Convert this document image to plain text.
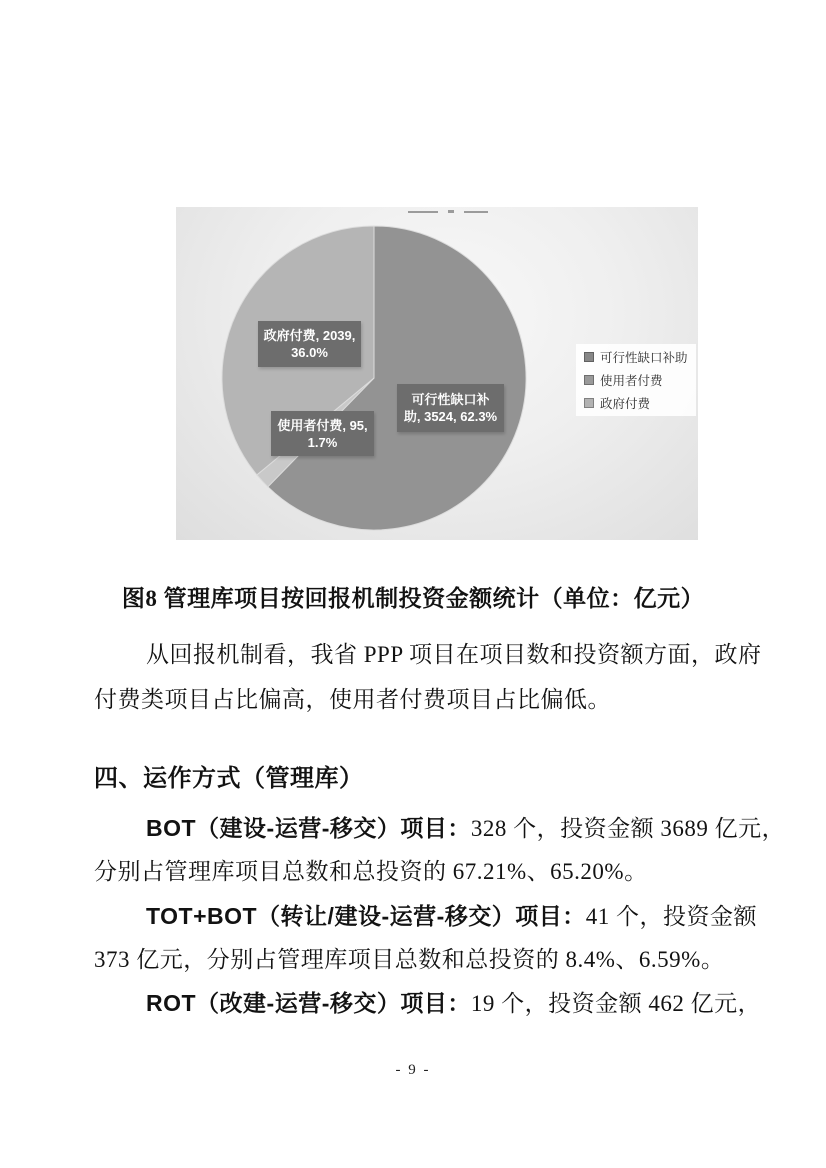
政府付费, 2039,
36.0%
可行性缺口补
助, 3524, 62.3%
使用者付费, 95,
1.7%
可行性缺口补助
使用者付费
政府付费
图8 管理库项目按回报机制投资金额统计（单位：亿元）
从回报机制看，我省 PPP 项目在项目数和投资额方面，政府
付费类项目占比偏高，使用者付费项目占比偏低。
四、运作方式（管理库）
BOT（建设-运营-移交）项目：328 个，投资金额 3689 亿元，
分别占管理库项目总数和总投资的 67.21%、65.20%。
TOT+BOT（转让/建设-运营-移交）项目：41 个，投资金额
373 亿元，分别占管理库项目总数和总投资的 8.4%、6.59%。
ROT（改建-运营-移交）项目：19 个，投资金额 462 亿元，
- 9 -
